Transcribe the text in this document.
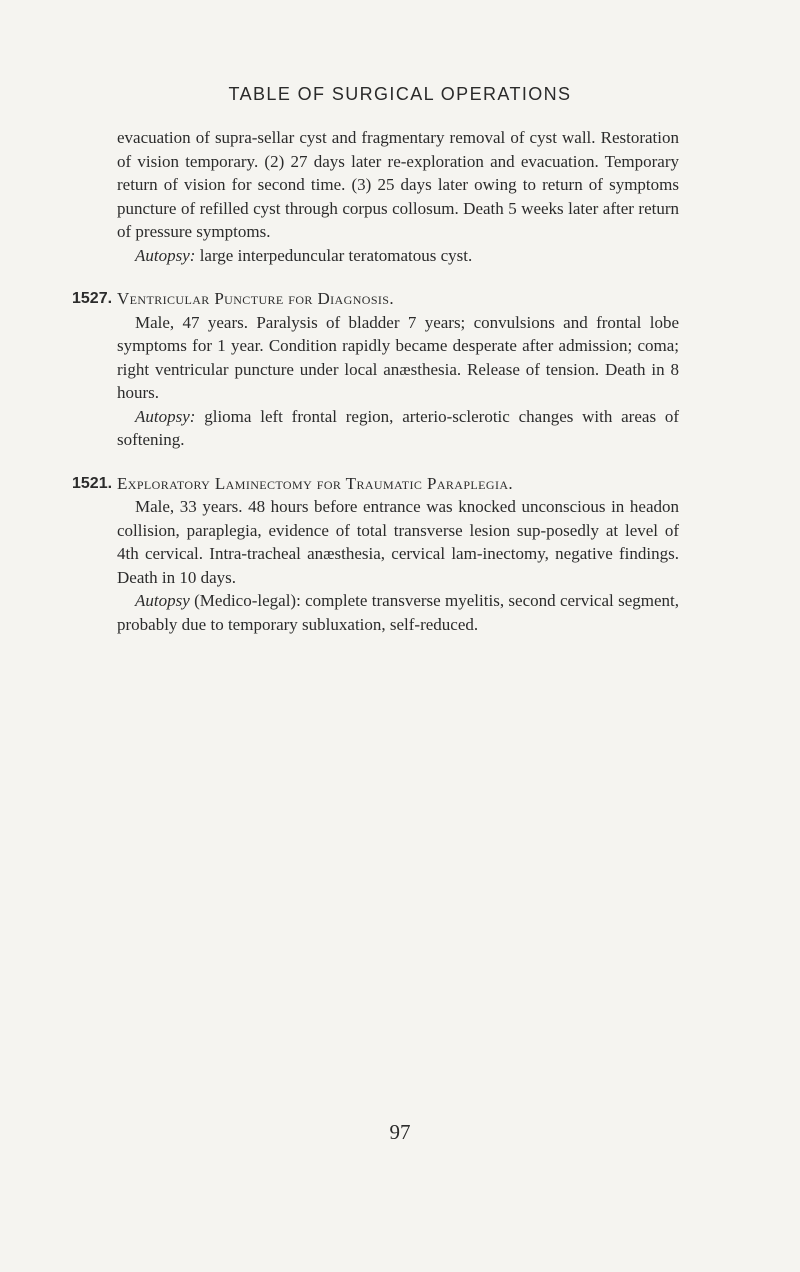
TABLE OF SURGICAL OPERATIONS

evacuation of supra-sellar cyst and fragmentary removal of cyst wall. Restoration of vision temporary. (2) 27 days later re-exploration and evacuation. Temporary return of vision for second time. (3) 25 days later owing to return of symptoms puncture of refilled cyst through corpus collosum. Death 5 weeks later after return of pressure symptoms.

Autopsy: large interpeduncular teratomatous cyst.

1527. Ventricular Puncture for Diagnosis.

Male, 47 years. Paralysis of bladder 7 years; convulsions and frontal lobe symptoms for 1 year. Condition rapidly became desperate after admission; coma; right ventricular puncture under local anæsthesia. Release of tension. Death in 8 hours.

Autopsy: glioma left frontal region, arterio-sclerotic changes with areas of softening.

1521. Exploratory Laminectomy for Traumatic Paraplegia.

Male, 33 years. 48 hours before entrance was knocked unconscious in headon collision, paraplegia, evidence of total transverse lesion sup-posedly at level of 4th cervical. Intra-tracheal anæsthesia, cervical lam-inectomy, negative findings. Death in 10 days.

Autopsy (Medico-legal): complete transverse myelitis, second cervical segment, probably due to temporary subluxation, self-reduced.

97
